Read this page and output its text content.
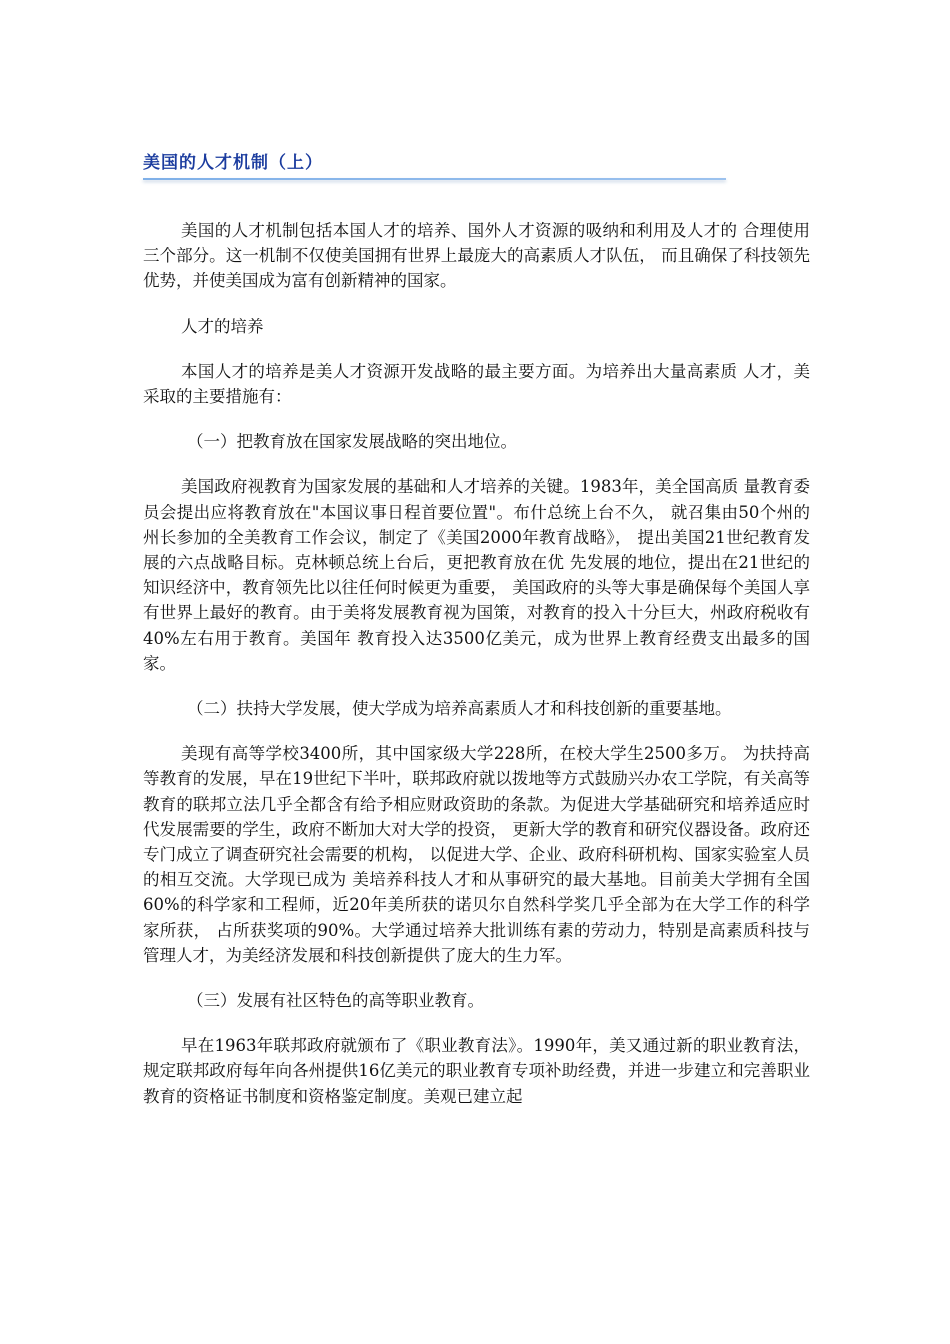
美国的人才机制（上）

美国的人才机制包括本国人才的培养、国外人才资源的吸纳和利用及人才的 合理使用三个部分。这一机制不仅使美国拥有世界上最庞大的高素质人才队伍， 而且确保了科技领先优势，并使美国成为富有创新精神的国家。

人才的培养

本国人才的培养是美人才资源开发战略的最主要方面。为培养出大量高素质 人才，美采取的主要措施有：

（一）把教育放在国家发展战略的突出地位。

美国政府视教育为国家发展的基础和人才培养的关键。1983年，美全国高质 量教育委员会提出应将教育放在"本国议事日程首要位置"。布什总统上台不久， 就召集由50个州的州长参加的全美教育工作会议，制定了《美国2000年教育战略》， 提出美国21世纪教育发展的六点战略目标。克林顿总统上台后，更把教育放在优 先发展的地位，提出在21世纪的知识经济中，教育领先比以往任何时候更为重要， 美国政府的头等大事是确保每个美国人享有世界上最好的教育。由于美将发展教育视为国策，对教育的投入十分巨大，州政府税收有40%左右用于教育。美国年 教育投入达3500亿美元，成为世界上教育经费支出最多的国家。

（二）扶持大学发展，使大学成为培养高素质人才和科技创新的重要基地。

美现有高等学校3400所，其中国家级大学228所，在校大学生2500多万。 为扶持高等教育的发展，早在19世纪下半叶，联邦政府就以拨地等方式鼓励兴办农工学院，有关高等教育的联邦立法几乎全都含有给予相应财政资助的条款。为促进大学基础研究和培养适应时代发展需要的学生，政府不断加大对大学的投资， 更新大学的教育和研究仪器设备。政府还专门成立了调查研究社会需要的机构， 以促进大学、企业、政府科研机构、国家实验室人员的相互交流。大学现已成为 美培养科技人才和从事研究的最大基地。目前美大学拥有全国60%的科学家和工程师，近20年美所获的诺贝尔自然科学奖几乎全部为在大学工作的科学家所获， 占所获奖项的90%。大学通过培养大批训练有素的劳动力，特别是高素质科技与管理人才，为美经济发展和科技创新提供了庞大的生力军。

（三）发展有社区特色的高等职业教育。

早在1963年联邦政府就颁布了《职业教育法》。1990年，美又通过新的职业教育法，规定联邦政府每年向各州提供16亿美元的职业教育专项补助经费，并进一步建立和完善职业教育的资格证书制度和资格鉴定制度。美观已建立起
